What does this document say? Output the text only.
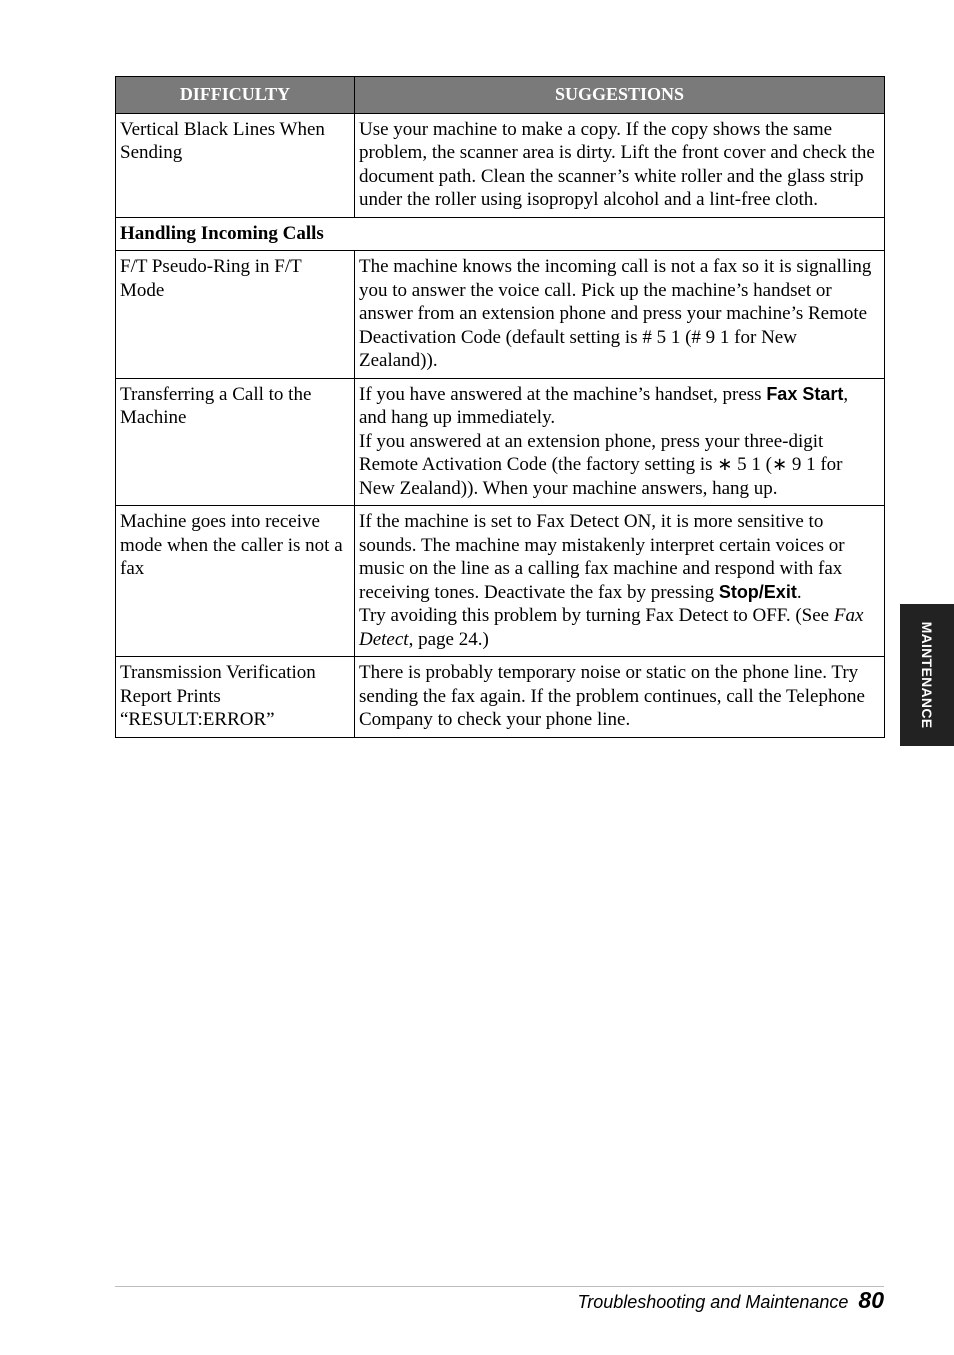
DIFFICULTY	SUGGESTIONS
Vertical Black Lines When Sending	Use your machine to make a copy. If the copy shows the same problem, the scanner area is dirty. Lift the front cover and check the document path. Clean the scanner’s white roller and the glass strip under the roller using isopropyl alcohol and a lint-free cloth.
Handling Incoming Calls	
F/T Pseudo-Ring in F/T Mode	The machine knows the incoming call is not a fax so it is signalling you to answer the voice call. Pick up the machine’s handset or answer from an extension phone and press your machine’s Remote Deactivation Code (default setting is # 5 1 (# 9 1 for New Zealand)).
Transferring a Call to the Machine	If you have answered at the machine’s handset, press Fax Start, and hang up immediately.
If you answered at an extension phone, press your three-digit Remote Activation Code (the factory setting is ∗ 5 1 (∗ 9 1 for New Zealand)). When your machine answers, hang up.
Machine goes into receive mode when the caller is not a fax	If the machine is set to Fax Detect ON, it is more sensitive to sounds. The machine may mistakenly interpret certain voices or music on the line as a calling fax machine and respond with fax receiving tones. Deactivate the fax by pressing Stop/Exit.
Try avoiding this problem by turning Fax Detect to OFF. (See Fax Detect, page 24.)
Transmission Verification Report Prints “RESULT:ERROR”	There is probably temporary noise or static on the phone line. Try sending the fax again. If the problem continues, call the Telephone Company to check your phone line.	MAINTENANCE
Troubleshooting and Maintenance 80
